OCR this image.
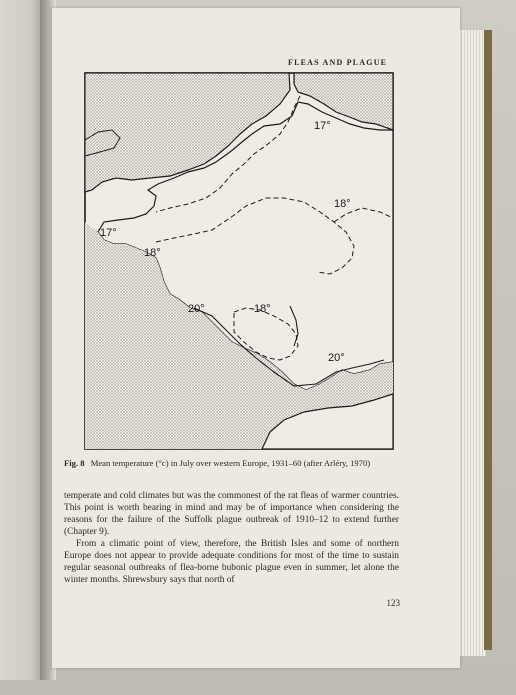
FLEAS AND PLAGUE
17°
18°
17°
18°
20°	18°
20°
Fig. 8 Mean temperature (°c) in July over western Europe, 1931–60 (after Arléry, 1970)

temperate and cold climates but was the commonest of the rat fleas of warmer countries. This point is worth bearing in mind and may be of importance when considering the reasons for the failure of the Suffolk plague outbreak of 1910–12 to extend further (Chapter 9).

From a climatic point of view, therefore, the British Isles and some of northern Europe does not appear to provide adequate conditions for most of the time to sustain regular seasonal outbreaks of flea-borne bubonic plague even in summer, let alone the winter months. Shrewsbury says that north of

123
